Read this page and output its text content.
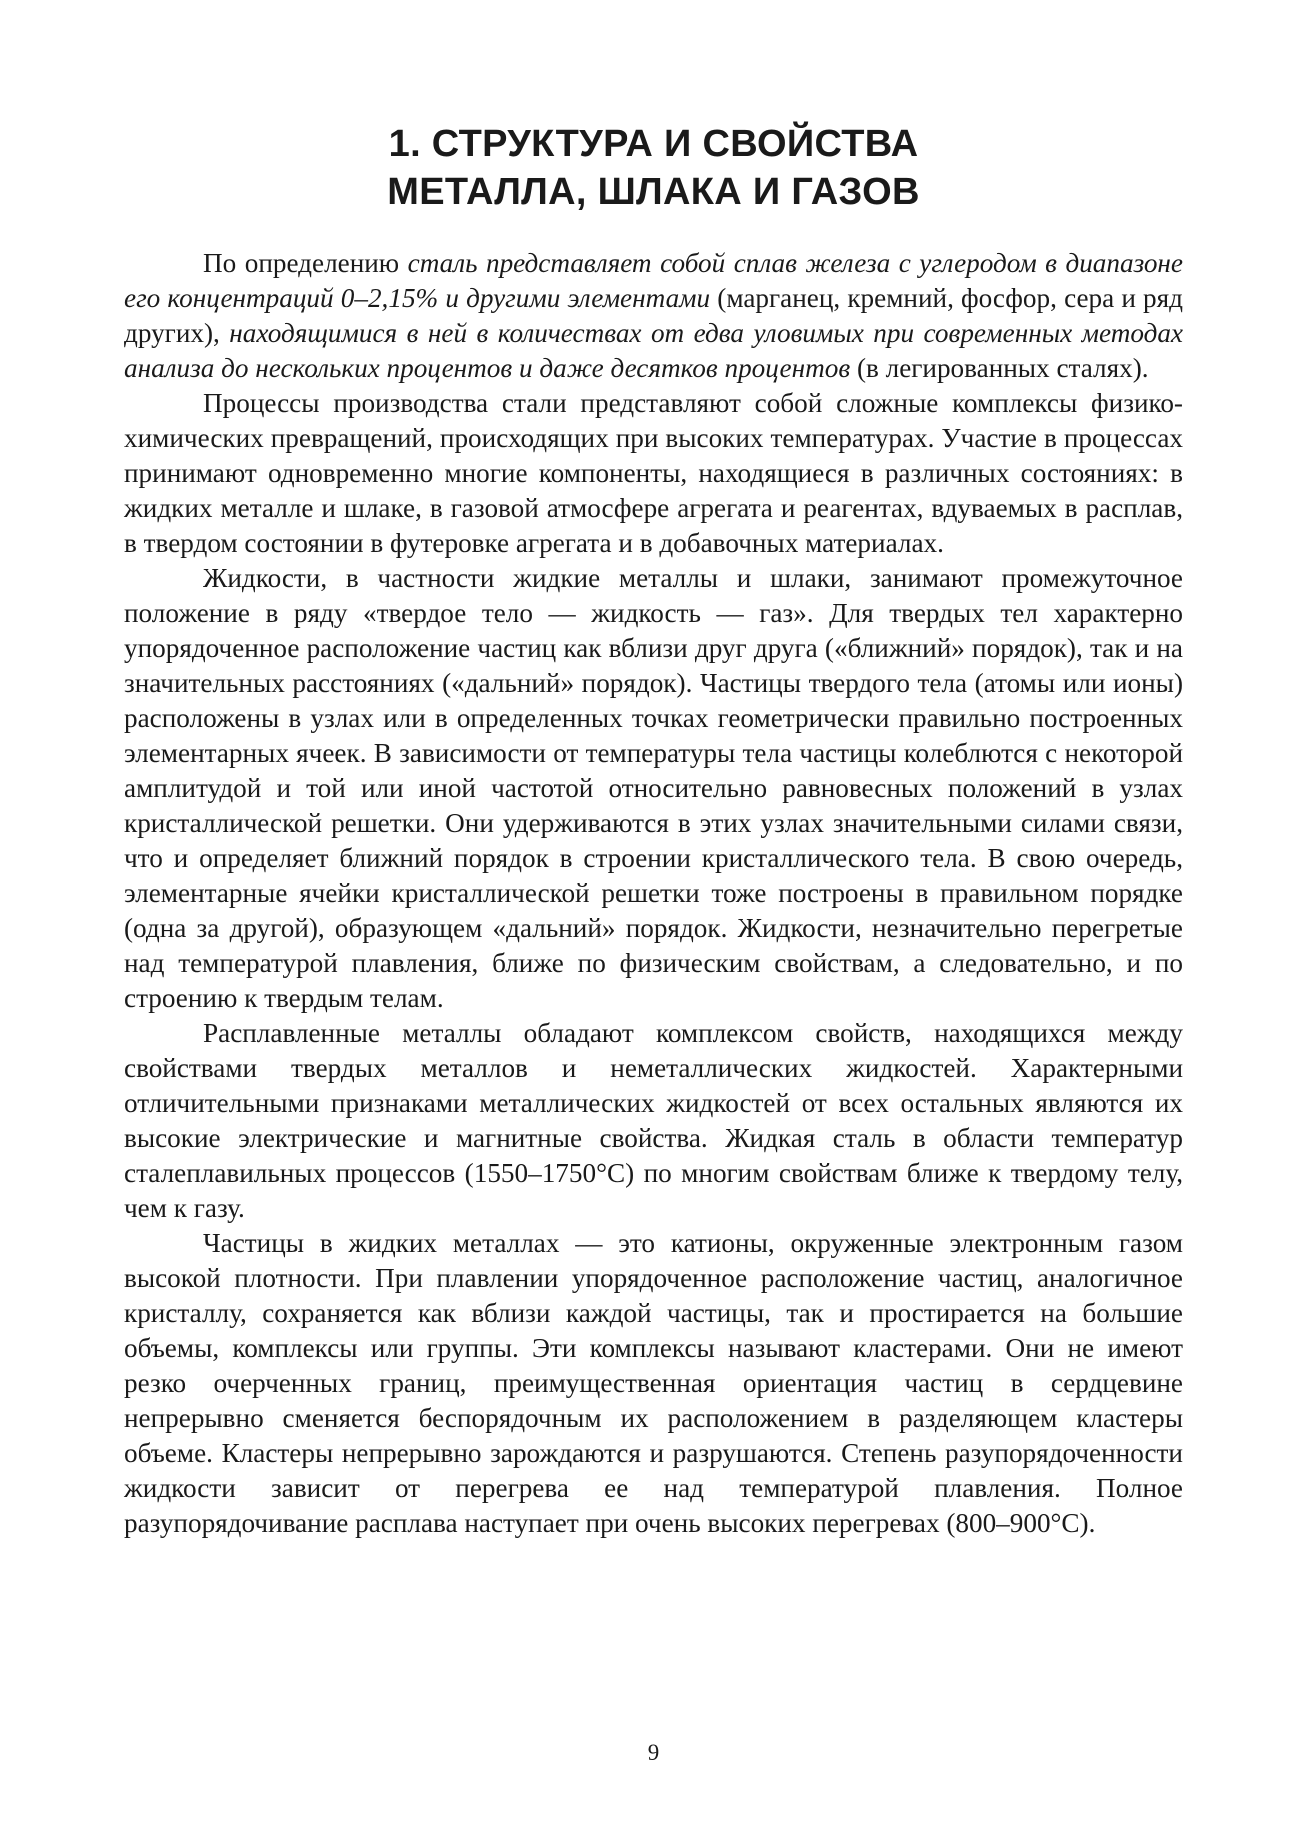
1. СТРУКТУРА И СВОЙСТВА
МЕТАЛЛА, ШЛАКА И ГАЗОВ

По определению сталь представляет собой сплав железа с углеродом в диапазоне его концентраций 0–2,15% и другими элементами (марганец, кремний, фосфор, сера и ряд других), находящимися в ней в количествах от едва уловимых при современных методах анализа до нескольких процентов и даже десятков процентов (в легированных сталях).

Процессы производства стали представляют собой сложные комплексы физико-химических превращений, происходящих при высоких температурах. Участие в процессах принимают одновременно многие компоненты, находящиеся в различных состояниях: в жидких металле и шлаке, в газовой атмосфере агрегата и реагентах, вдуваемых в расплав, в твердом состоянии в футеровке агрегата и в добавочных материалах.

Жидкости, в частности жидкие металлы и шлаки, занимают промежуточное положение в ряду «твердое тело — жидкость — газ». Для твердых тел характерно упорядоченное расположение частиц как вблизи друг друга («ближний» порядок), так и на значительных расстояниях («дальний» порядок). Частицы твердого тела (атомы или ионы) расположены в узлах или в определенных точках геометрически правильно построенных элементарных ячеек. В зависимости от температуры тела частицы колеблются с некоторой амплитудой и той или иной частотой относительно равновесных положений в узлах кристаллической решетки. Они удерживаются в этих узлах значительными силами связи, что и определяет ближний порядок в строении кристаллического тела. В свою очередь, элементарные ячейки кристаллической решетки тоже построены в правильном порядке (одна за другой), образующем «дальний» порядок. Жидкости, незначительно перегретые над температурой плавления, ближе по физическим свойствам, а следовательно, и по строению к твердым телам.

Расплавленные металлы обладают комплексом свойств, находящихся между свойствами твердых металлов и неметаллических жидкостей. Характерными отличительными признаками металлических жидкостей от всех остальных являются их высокие электрические и магнитные свойства. Жидкая сталь в области температур сталеплавильных процессов (1550–1750°С) по многим свойствам ближе к твердому телу, чем к газу.

Частицы в жидких металлах — это катионы, окруженные электронным газом высокой плотности. При плавлении упорядоченное расположение частиц, аналогичное кристаллу, сохраняется как вблизи каждой частицы, так и простирается на большие объемы, комплексы или группы. Эти комплексы называют кластерами. Они не имеют резко очерченных границ, преимущественная ориентация частиц в сердцевине непрерывно сменяется беспорядочным их расположением в разделяющем кластеры объеме. Кластеры непрерывно зарождаются и разрушаются. Степень разупорядоченности жидкости зависит от перегрева ее над температурой плавления. Полное разупорядочивание расплава наступает при очень высоких перегревах (800–900°С).

9
